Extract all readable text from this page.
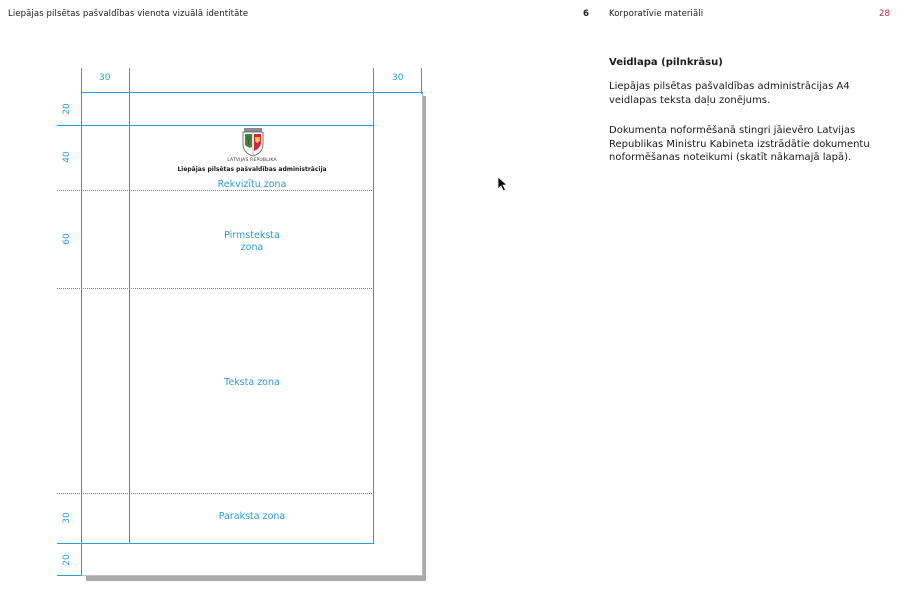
Liepājas pilsētas pašvaldības vienota vizuālā identitāte	6 Korporatīvie materiāli	28
30	30
20
40
60
30
20
LATVIJAS REPUBLIKA
Liepājas pilsētas pašvaldības administrācija
Rekvizītu zona
Pirmsteksta
zona
Teksta zona
Paraksta zona
Veidlapa (pilnkrāsu)
Liepājas pilsētas pašvaldības administrācijas A4 veidlapas teksta daļu zonējums.
Dokumenta noformēšanā stingri jāievēro Latvijas Republikas Ministru Kabineta izstrādātie dokumentu noformēšanas noteikumi (skatīt nākamajā lapā).
